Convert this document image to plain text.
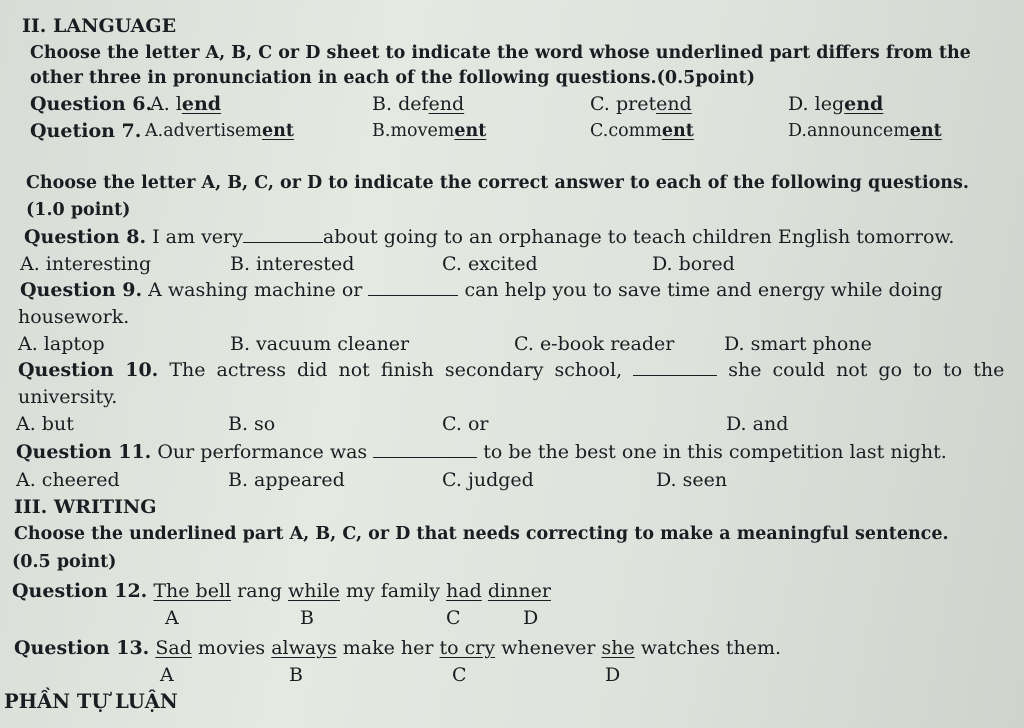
II. LANGUAGE
Choose the letter A, B, C or D sheet to indicate the word whose underlined part differs from the
other three in pronunciation in each of the following questions.(0.5point)
Question 6.
A. lend	B. defend	C. pretend	D. legend
Quetion 7. A.advertisement	B.movement	C.comment	D.announcement
Choose the letter A, B, C, or D to indicate the correct answer to each of the following questions.
(1.0 point)
Question 8. I am very	about going to an orphanage to teach children English tomorrow.
A. interesting	B. interested	C. excited	D. bored
Question 9. A washing machine or	can help you to save time and energy while doing
housework.
A. laptop	B. vacuum cleaner	C. e-book reader	D. smart phone
Question 10. The actress did not finish secondary school,	she could not go to to the
university.
A. but	B. so	C. or	D. and
Question 11. Our performance was	to be the best one in this competition last night.
A. cheered	B. appeared	C. judged	D. seen
III. WRITING
Choose the underlined part A, B, C, or D that needs correcting to make a meaningful sentence.
(0.5 point)
Question 12. The bell rang while my family had dinner
A	B	C	D
Question 13. Sad movies always make her to cry whenever she watches them.
A	B	C	D
PHẦN TỰ LUẬN
